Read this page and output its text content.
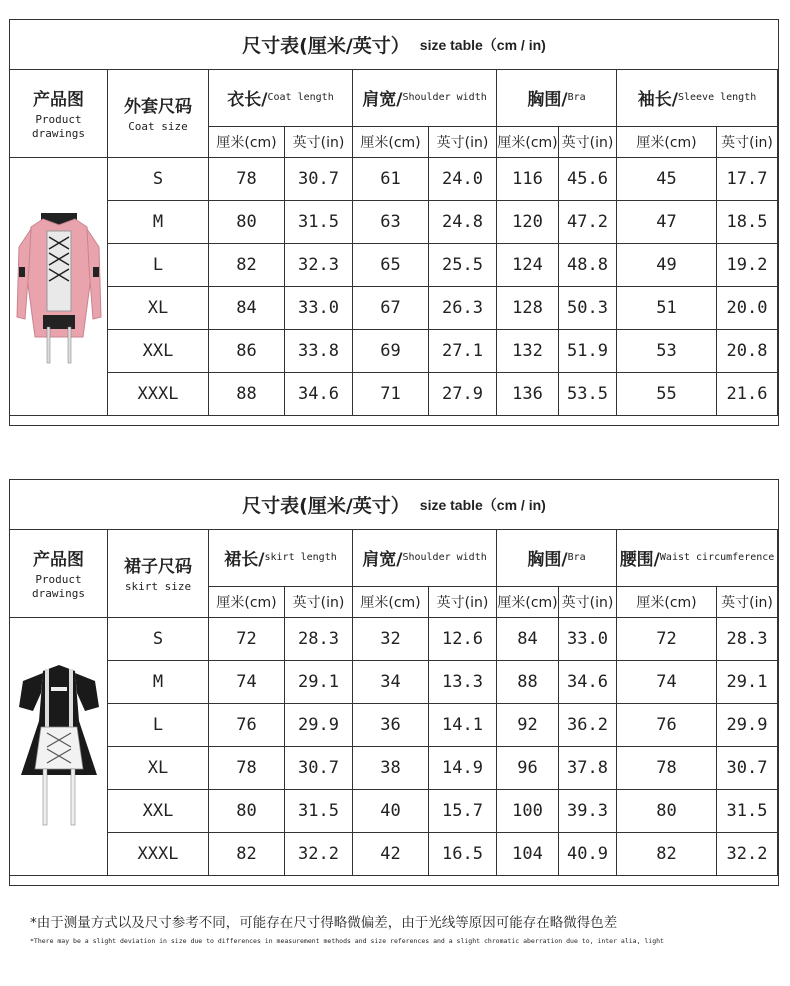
尺寸表(厘米/英寸） size table（cm / in)
产品图
Product
drawings
外套尺码
Coat size
衣长/ Coat length
厘米(cm)	英寸(in)
肩宽/ Shoulder width
厘米(cm)	英寸(in)
胸围/ Bra
厘米(cm) 英寸(in)
袖长/ Sleeve length
厘米(cm)	英寸(in)
S	78	30.7	61	24.0	116	45.6	45	17.7
M	80	31.5	63	24.8	120	47.2	47	18.5
L	82	32.3	65	25.5	124	48.8	49	19.2
XL	84	33.0	67	26.3	128	50.3	51	20.0
XXL	86	33.8	69	27.1	132	51.9	53	20.8
XXXL	88	34.6	71	27.9	136	53.5	55	21.6
尺寸表(厘米/英寸） size table（cm / in)
产品图
Product
drawings
裙子尺码
skirt size
裙长/ skirt length
厘米(cm)	英寸(in)
肩宽/ Shoulder width
厘米(cm)	英寸(in)
胸围/ Bra
厘米(cm) 英寸(in)
腰围/ Waist circumference
厘米(cm)	英寸(in)
S	72	28.3	32	12.6	84	33.0	72	28.3
M	74	29.1	34	13.3	88	34.6	74	29.1
L	76	29.9	36	14.1	92	36.2	76	29.9
XL	78	30.7	38	14.9	96	37.8	78	30.7
XXL	80	31.5	40	15.7	100	39.3	80	31.5
XXXL	82	32.2	42	16.5	104	40.9	82	32.2
*由于测量方式以及尺寸参考不同，可能存在尺寸得略微偏差，由于光线等原因可能存在略微得色差
*There may be a slight deviation in size due to differences in measurement methods and size references and a slight chromatic aberration due to, inter alia, light
